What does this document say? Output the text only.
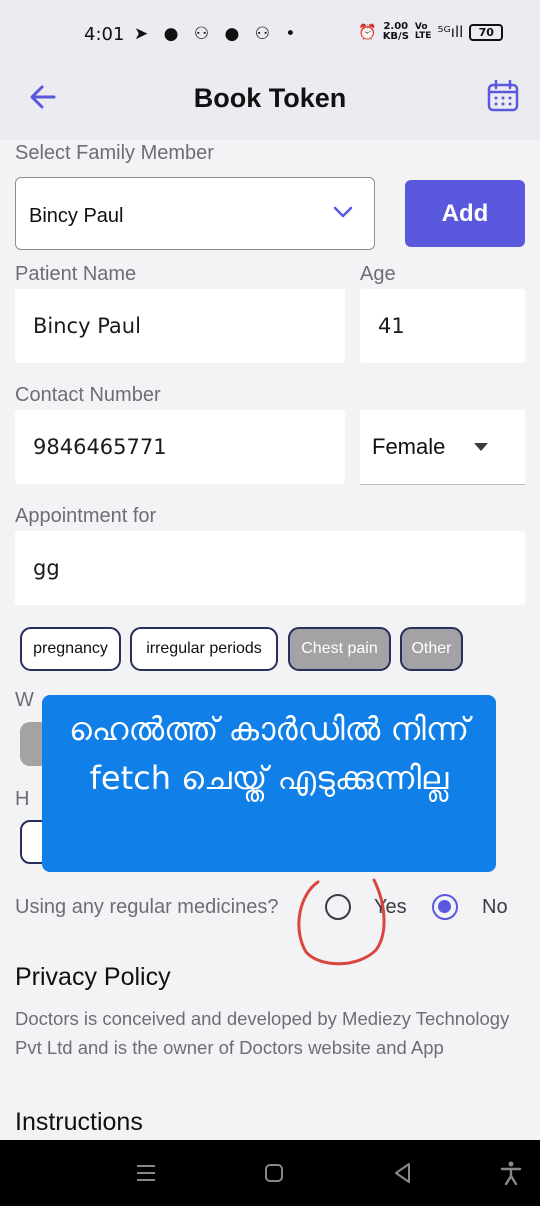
4:01 ➤ ● ⚇ ● ⚇ •	⏰ 2.00
KB/S
Vo
LTE ⁵ᴳıll	70
Book Token
Select Family Member
Bincy Paul	Add
Patient Name
Bincy Paul
Age
41
Contact Number
9846465771	Female
Appointment for
gg
pregnancy	irregular periods	Chest pain	Other
W
H
ഹെൽത്ത് കാർഡിൽ നിന്ന് fetch ചെയ്ത് എടുക്കുന്നില്ല
Using any regular medicines?	Yes	No
Privacy Policy
Doctors is conceived and developed by Mediezy Technology Pvt Ltd and is the owner of Doctors website and App
Instructions
